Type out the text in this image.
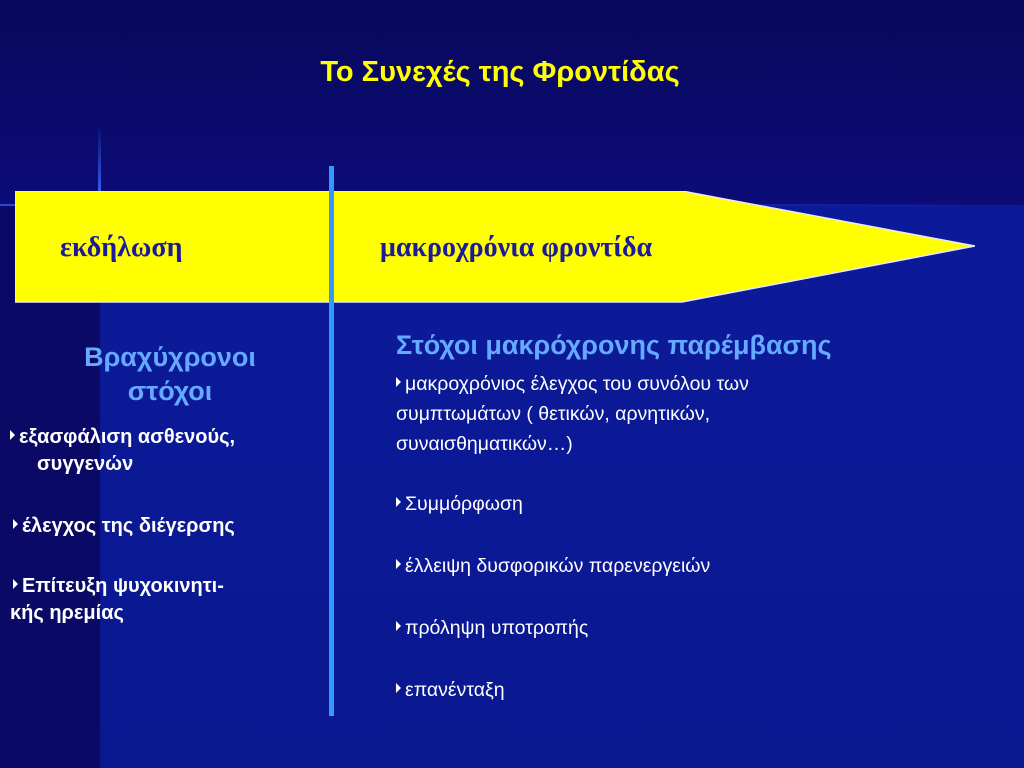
Το Συνεχές της Φροντίδας
εκδήλωση	μακροχρόνια φροντίδα
Βραχύχρονοι
στόχοι
εξασφάλιση ασθενούς,
συγγενών
έλεγχος της διέγερσης
Επίτευξη ψυχοκινητι-
κής ηρεμίας
Στόχοι μακρόχρονης παρέμβασης
μακροχρόνιος έλεγχος του συνόλου των
συμπτωμάτων ( θετικών, αρνητικών,
συναισθηματικών…)
Συμμόρφωση
έλλειψη δυσφορικών παρενεργειών
πρόληψη υποτροπής
επανένταξη
